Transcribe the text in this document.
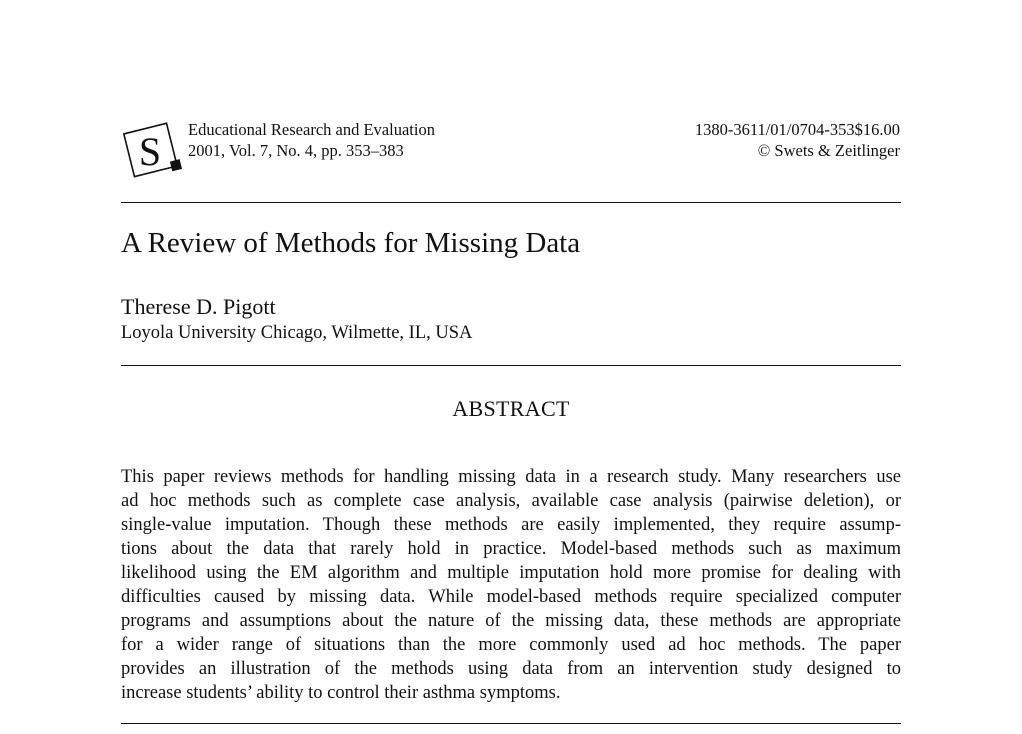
S Educational Research and Evaluation
2001, Vol. 7, No. 4, pp. 353–383
1380-3611/01/0704-353$16.00
© Swets & Zeitlinger
A Review of Methods for Missing Data
Therese D. Pigott
Loyola University Chicago, Wilmette, IL, USA
ABSTRACT
This paper reviews methods for handling missing data in a research study. Many researchers use
ad hoc methods such as complete case analysis, available case analysis (pairwise deletion), or
single-value imputation. Though these methods are easily implemented, they require assump-
tions about the data that rarely hold in practice. Model-based methods such as maximum
likelihood using the EM algorithm and multiple imputation hold more promise for dealing with
difficulties caused by missing data. While model-based methods require specialized computer
programs and assumptions about the nature of the missing data, these methods are appropriate
for a wider range of situations than the more commonly used ad hoc methods. The paper
provides an illustration of the methods using data from an intervention study designed to
increase students’ ability to control their asthma symptoms.
